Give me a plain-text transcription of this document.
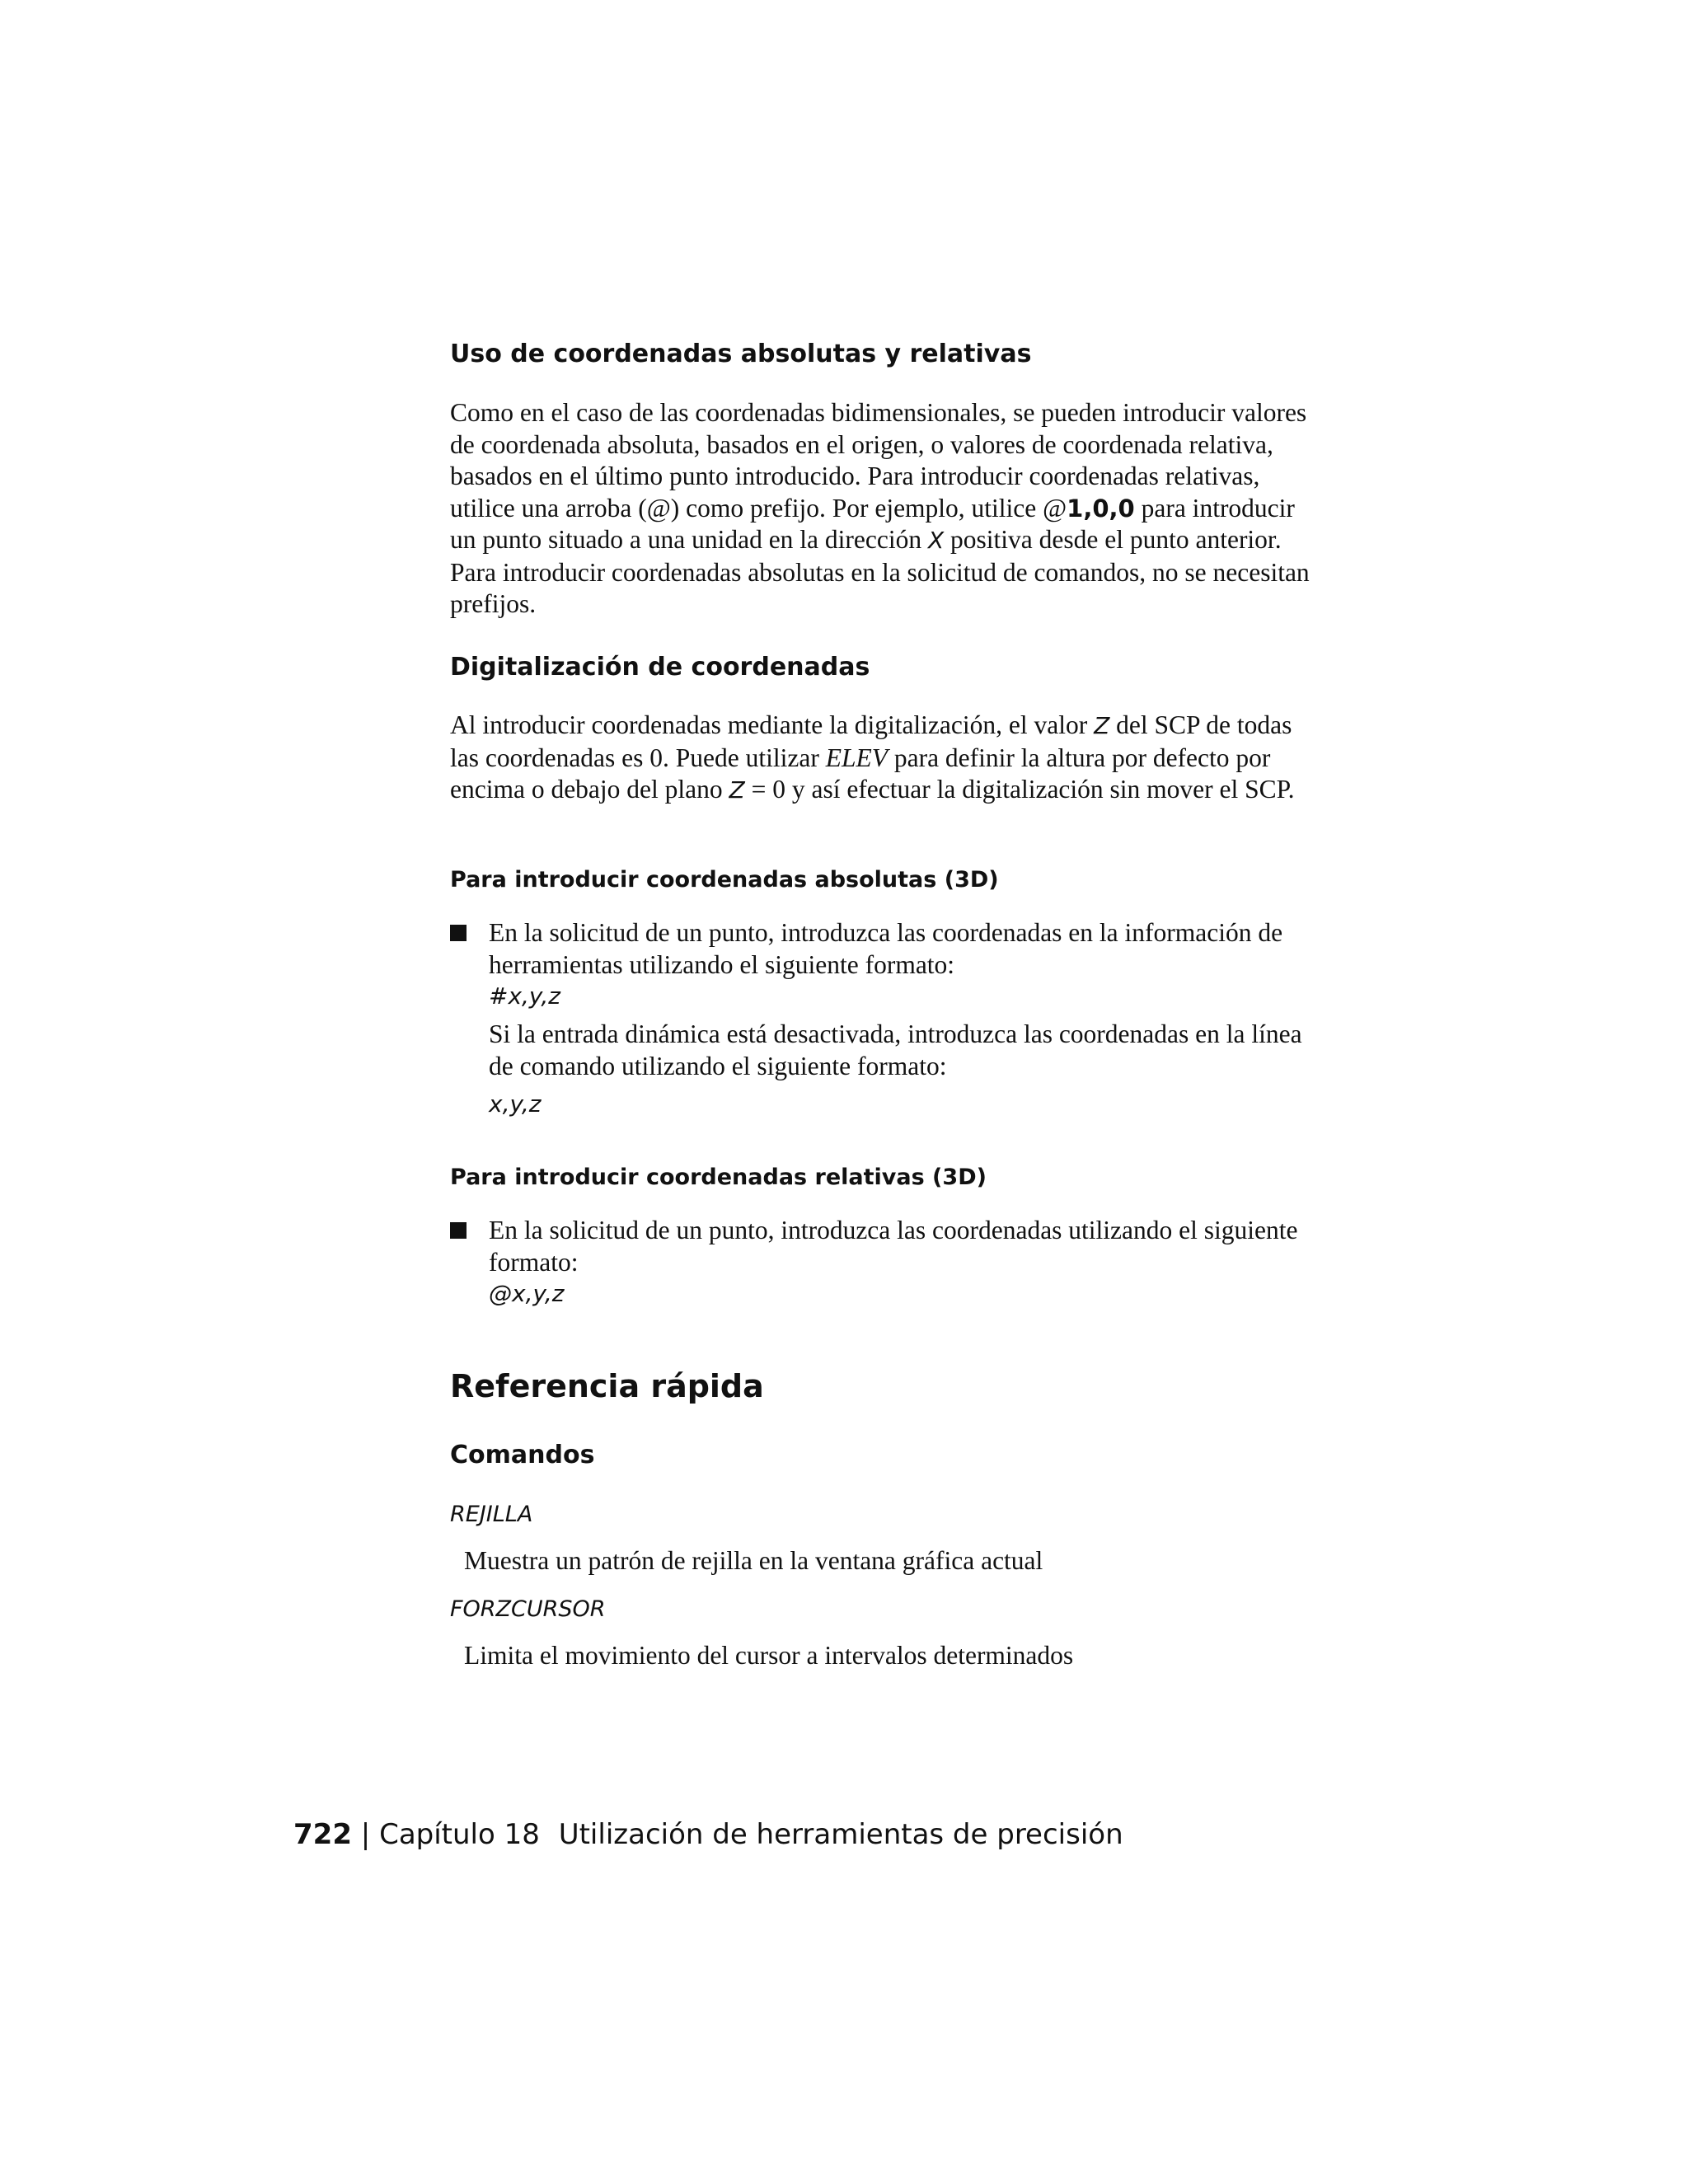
Uso de coordenadas absolutas y relativas

Como en el caso de las coordenadas bidimensionales, se pueden introducir valores de coordenada absoluta, basados en el origen, o valores de coordenada relativa, basados en el último punto introducido. Para introducir coordenadas relativas, utilice una arroba (@) como prefijo. Por ejemplo, utilice @1,0,0 para introducir un punto situado a una unidad en la dirección X positiva desde el punto anterior. Para introducir coordenadas absolutas en la solicitud de comandos, no se necesitan prefijos.

Digitalización de coordenadas

Al introducir coordenadas mediante la digitalización, el valor Z del SCP de todas las coordenadas es 0. Puede utilizar ELEV para definir la altura por defecto por encima o debajo del plano Z = 0 y así efectuar la digitalización sin mover el SCP.

Para introducir coordenadas absolutas (3D)

En la solicitud de un punto, introduzca las coordenadas en la información de herramientas utilizando el siguiente formato:

#x,y,z

Si la entrada dinámica está desactivada, introduzca las coordenadas en la línea de comando utilizando el siguiente formato:

x,y,z
Para introducir coordenadas relativas (3D)

En la solicitud de un punto, introduzca las coordenadas utilizando el siguiente formato:

@x,y,z
Referencia rápida
Comandos
REJILLA
Muestra un patrón de rejilla en la ventana gráfica actual
FORZCURSOR
Limita el movimiento del cursor a intervalos determinados
722 | Capítulo 18 Utilización de herramientas de precisión
